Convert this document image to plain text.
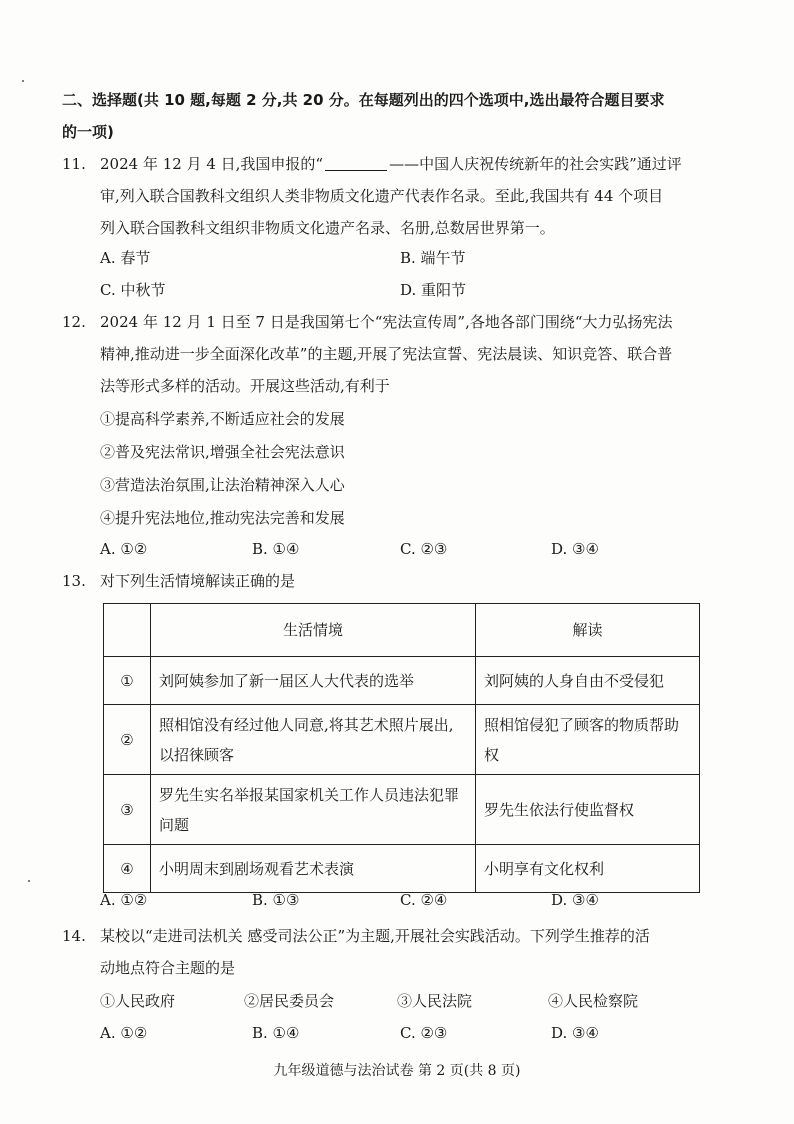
二、选择题(共 10 题,每题 2 分,共 20 分。在每题列出的四个选项中,选出最符合题目要求
的一项)
11. 2024 年 12 月 4 日,我国申报的“	——中国人庆祝传统新年的社会实践”通过评
审,列入联合国教科文组织人类非物质文化遗产代表作名录。至此,我国共有 44 个项目
列入联合国教科文组织非物质文化遗产名录、名册,总数居世界第一。
A. 春节	B. 端午节
C. 中秋节	D. 重阳节
12. 2024 年 12 月 1 日至 7 日是我国第七个“宪法宣传周”,各地各部门围绕“大力弘扬宪法
精神,推动进一步全面深化改革”的主题,开展了宪法宣誓、宪法晨读、知识竞答、联合普
法等形式多样的活动。开展这些活动,有利于
①提高科学素养,不断适应社会的发展
②普及宪法常识,增强全社会宪法意识
③营造法治氛围,让法治精神深入人心
④提升宪法地位,推动宪法完善和发展
A. ①②	B. ①④	C. ②③	D. ③④
13. 对下列生活情境解读正确的是
	生活情境	解读
①	刘阿姨参加了新一届区人大代表的选举	刘阿姨的人身自由不受侵犯
②	照相馆没有经过他人同意,将其艺术照片展出,以招徕顾客	照相馆侵犯了顾客的物质帮助权
③	罗先生实名举报某国家机关工作人员违法犯罪问题	罗先生依法行使监督权
④	小明周末到剧场观看艺术表演	小明享有文化权利
A. ①②	B. ①③	C. ②④	D. ③④
14. 某校以“走进司法机关 感受司法公正”为主题,开展社会实践活动。下列学生推荐的活
动地点符合主题的是
①人民政府	②居民委员会	③人民法院	④人民检察院
A. ①②	B. ①④	C. ②③	D. ③④
九年级道德与法治试卷 第 2 页(共 8 页)
